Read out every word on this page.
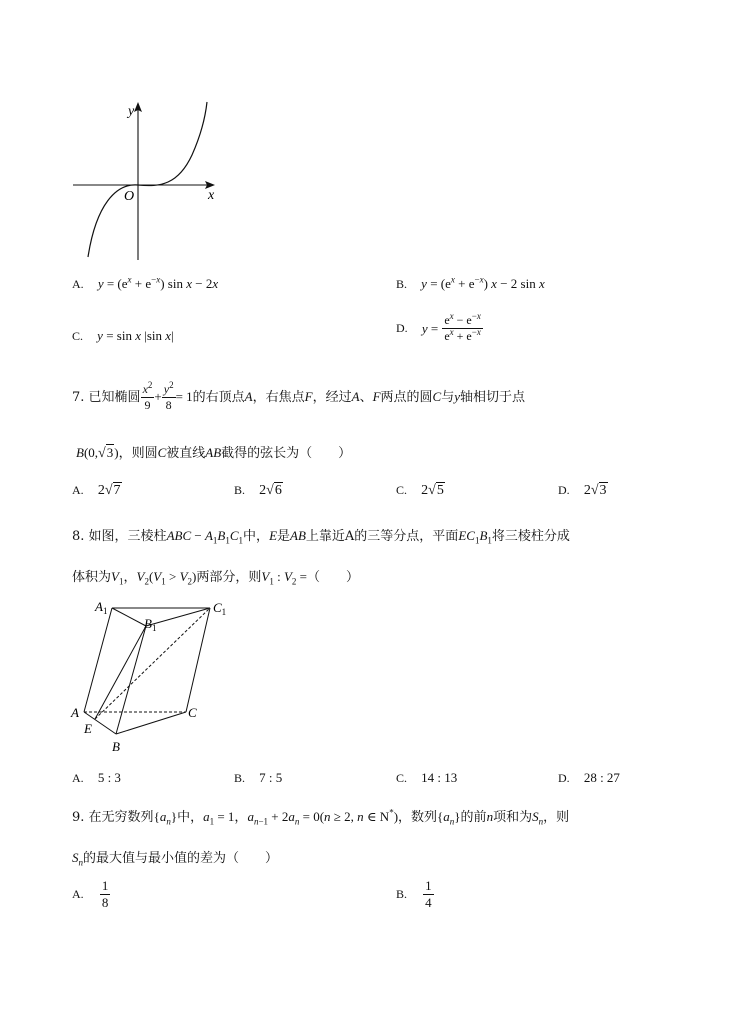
x
y
O
A. $y = (e^x + e^{-x})$ sin x − 2x	B. $y = (e^x + e^{-x}) x - 2$ sin x
C. y = sin x |sin x|	D. $y = \frac{e^x - e^{-x}}{e^x + e^{-x}}$
7. 已知椭圆 $\frac{x^2}{9} + \frac{y^2}{8} = 1$的右顶点A，右焦点F，经过A、F两点的圆C与y轴相切于点
B(0,√3)，则圆C被直线AB截得的弦长为（　　）
A. 2√7	B. 2√6	C. 2√5	D. 2√3
8. 如图，三棱柱ABC − $A_1B_1C_1$中，E是AB上靠近A的三等分点，平面$EC_1B_1$将三棱柱分成
体积为$V_1$，$V_2(V_1 > V_2)$两部分，则$V_1$ : $V_2$ =（　　）
$A_1$
$B_1$
$C_1$
A
E
B
C
A. 5 : 3	B. 7 : 5	C. 14 : 13	D. 28 : 27
9. 在无穷数列$\{a_n\}$中，$a_1 = 1$，$a_{n-1} + 2a_n = 0(n \ge 2$, n ∈ N*)，数列$\{a_n\}$的前n项和为$S_n$，则
$S_n$的最大值与最小值的差为（　　）
A. $\frac{1}{8}$	B. $\frac{1}{4}$
